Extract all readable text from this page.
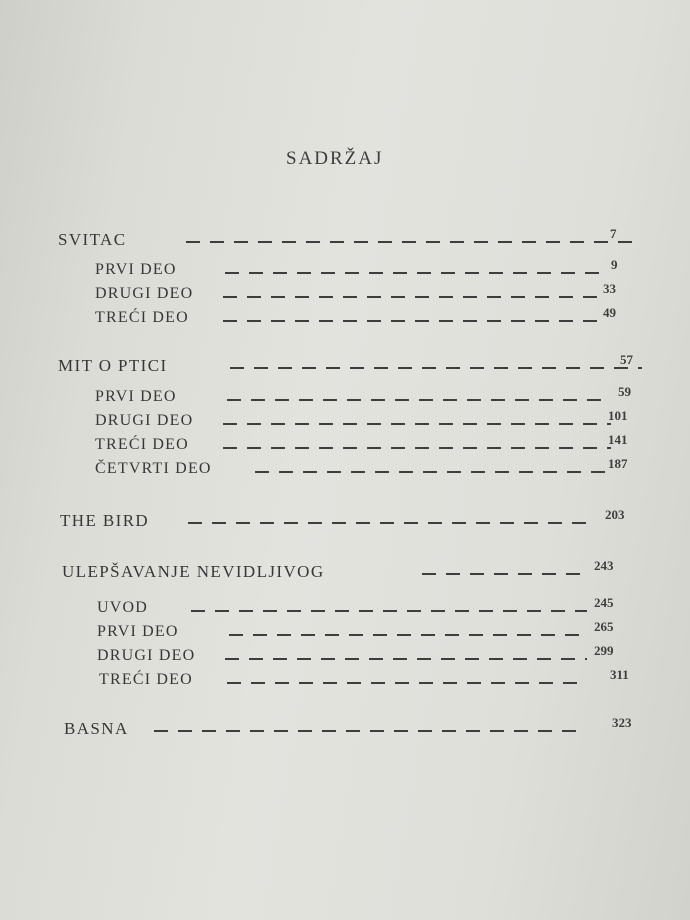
SADRŽAJ
SVITAC	7
PRVI DEO	9
DRUGI DEO	33
TREĆI DEO	49
MIT O PTICI	57
PRVI DEO	59
DRUGI DEO	101
TREĆI DEO	141
ČETVRTI DEO	187
THE BIRD	203
ULEPŠAVANJE NEVIDLJIVOG	243
UVOD	245
PRVI DEO	265
DRUGI DEO	299
TREĆI DEO	311
BASNA	323
